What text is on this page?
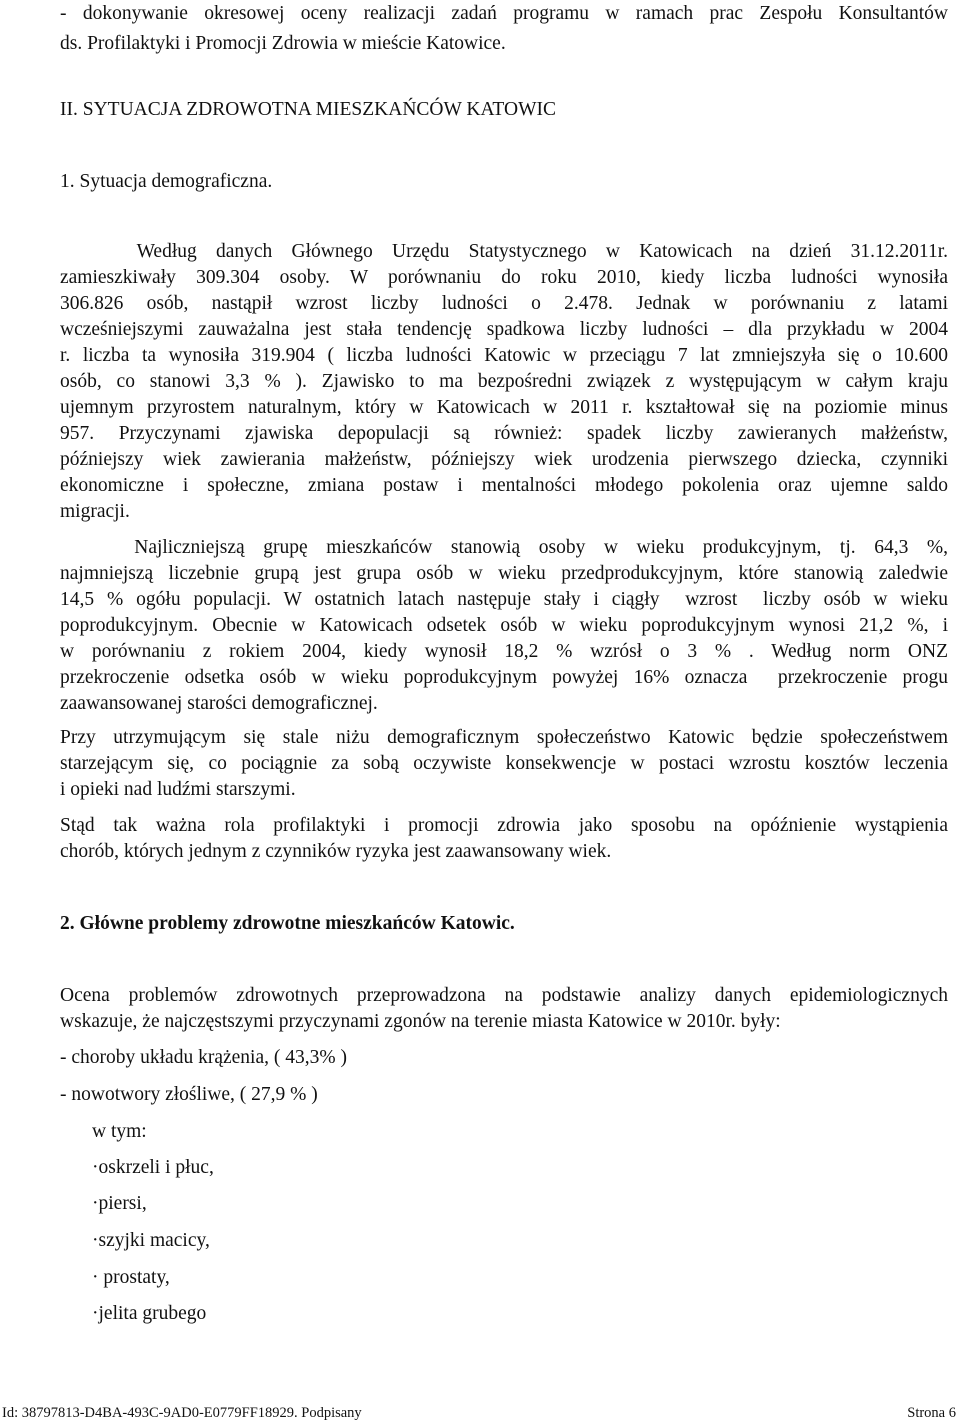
- dokonywanie okresowej oceny realizacji zadań programu w ramach prac Zespołu Konsultantów

ds. Profilaktyki i Promocji Zdrowia w mieście Katowice.

II. SYTUACJA ZDROWOTNA MIESZKAŃCÓW KATOWIC

1. Sytuacja demograficzna.

Według danych Głównego Urzędu Statystycznego w Katowicach na dzień 31.12.2011r.

zamieszkiwały 309.304 osoby. W porównaniu do roku 2010, kiedy liczba ludności wynosiła

306.826 osób, nastąpił wzrost liczby ludności o 2.478. Jednak w porównaniu z latami

wcześniejszymi zauważalna jest stała tendencję spadkowa liczby ludności – dla przykładu w 2004

r. liczba ta wynosiła 319.904 ( liczba ludności Katowic w przeciągu 7 lat zmniejszyła się o 10.600

osób, co stanowi 3,3 % ). Zjawisko to ma bezpośredni związek z występującym w całym kraju

ujemnym przyrostem naturalnym, który w Katowicach w 2011 r. kształtował się na poziomie minus

957. Przyczynami zjawiska depopulacji są również: spadek liczby zawieranych małżeństw,

późniejszy wiek zawierania małżeństw, późniejszy wiek urodzenia pierwszego dziecka, czynniki

ekonomiczne i społeczne, zmiana postaw i mentalności młodego pokolenia oraz ujemne saldo

migracji.

Najliczniejszą grupę mieszkańców stanowią osoby w wieku produkcyjnym, tj. 64,3 %,

najmniejszą liczebnie grupą jest grupa osób w wieku przedprodukcyjnym, które stanowią zaledwie

14,5 % ogółu populacji. W ostatnich latach następuje stały i ciągły  wzrost  liczby osób w wieku

poprodukcyjnym. Obecnie w Katowicach odsetek osób w wieku poprodukcyjnym wynosi 21,2 %, i

w porównaniu z rokiem 2004, kiedy wynosił 18,2 % wzrósł o 3 % . Według norm ONZ

przekroczenie odsetka osób w wieku poprodukcyjnym powyżej 16% oznacza  przekroczenie progu

zaawansowanej starości demograficznej.

Przy utrzymującym się stale niżu demograficznym społeczeństwo Katowic będzie społeczeństwem

starzejącym się, co pociągnie za sobą oczywiste konsekwencje w postaci wzrostu kosztów leczenia

i opieki nad ludźmi starszymi.

Stąd tak ważna rola profilaktyki i promocji zdrowia jako sposobu na opóźnienie wystąpienia

chorób, których jednym z czynników ryzyka jest zaawansowany wiek.

2. Główne problemy zdrowotne mieszkańców Katowic.

Ocena problemów zdrowotnych przeprowadzona na podstawie analizy danych epidemiologicznych

wskazuje, że najczęstszymi przyczynami zgonów na terenie miasta Katowice w 2010r. były:

- choroby układu krążenia, ( 43,3% )

- nowotwory złośliwe, ( 27,9 % )

w tym:

·oskrzeli i płuc,

·piersi,

·szyjki macicy,

· prostaty,

·jelita grubego

Id: 38797813-D4BA-493C-9AD0-E0779FF18929. Podpisany	Strona 6
